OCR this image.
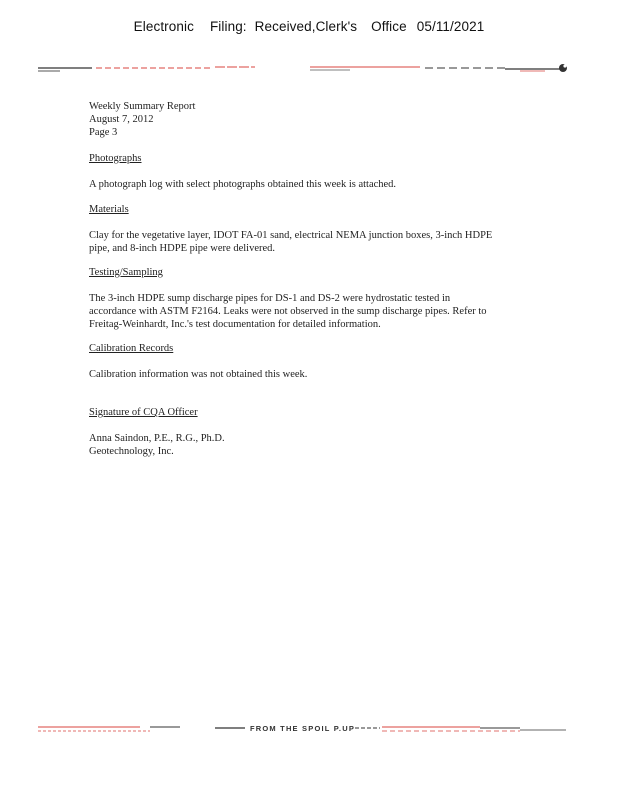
Electronic Filing: Received,Clerk's Office 05/11/2021
Weekly Summary Report
August 7, 2012
Page 3
Photographs

A photograph log with select photographs obtained this week is attached.

Materials
Clay for the vegetative layer, IDOT FA-01 sand, electrical NEMA junction boxes, 3-inch HDPE
pipe, and 8-inch HDPE pipe were delivered.
Testing/Sampling
The 3-inch HDPE sump discharge pipes for DS-1 and DS-2 were hydrostatic tested in
accordance with ASTM F2164. Leaks were not observed in the sump discharge pipes. Refer to
Freitag-Weinhardt, Inc.'s test documentation for detailed information.
Calibration Records

Calibration information was not obtained this week.

Signature of CQA Officer
Anna Saindon, P.E., R.G., Ph.D.
Geotechnology, Inc.
FROM THE SPOIL P.UP
